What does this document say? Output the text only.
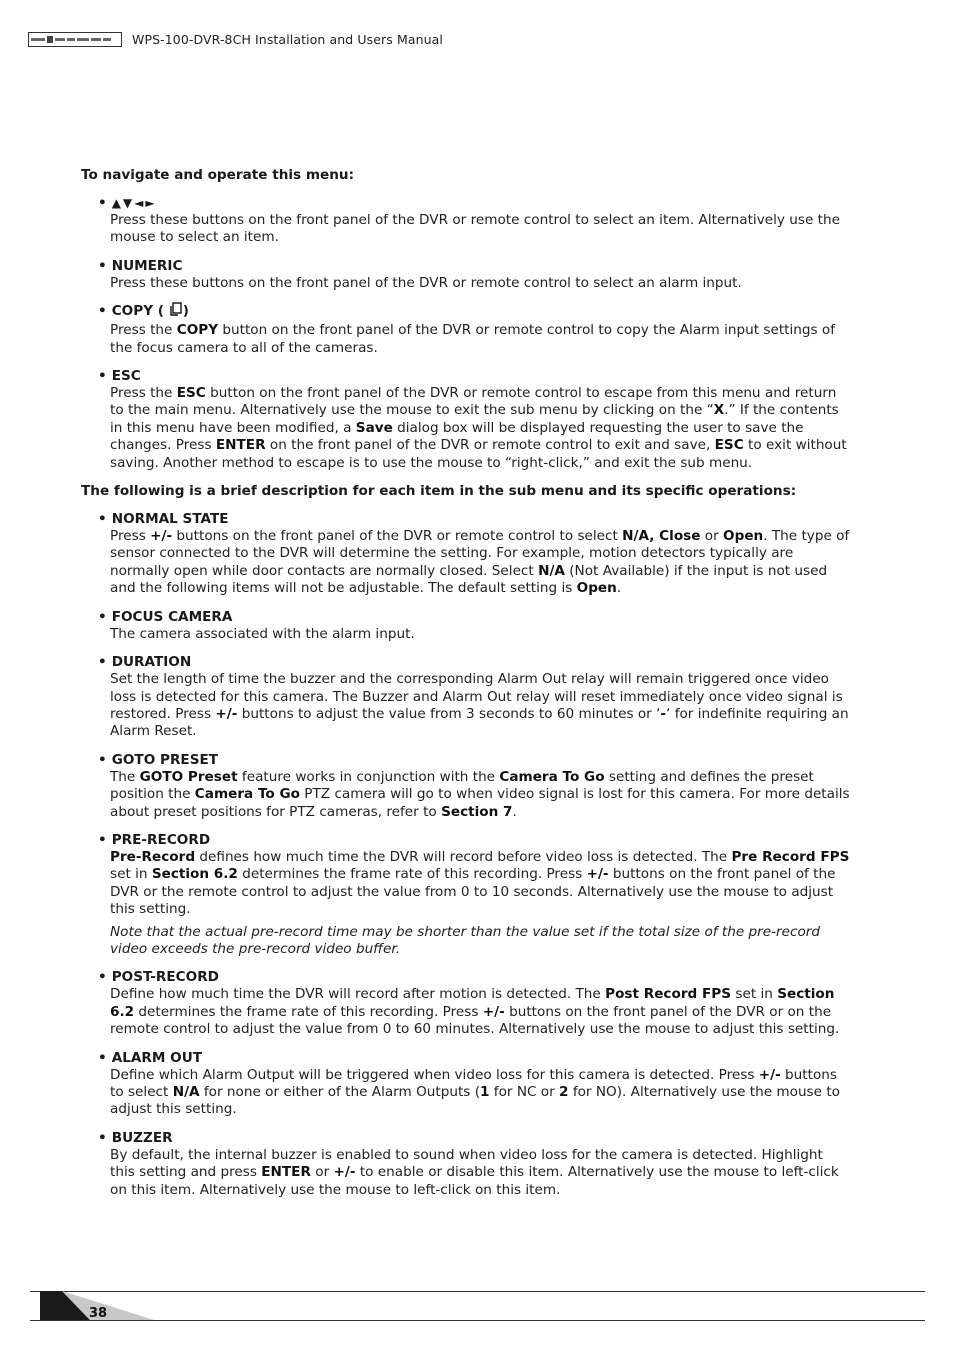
WPS-100-DVR-8CH Installation and Users Manual

To navigate and operate this menu:

• ▲▼◄►
Press these buttons on the front panel of the DVR or remote control to select an item. Alternatively use the mouse to select an item.
• NUMERIC
Press these buttons on the front panel of the DVR or remote control to select an alarm input.
• COPY ( )
Press the COPY button on the front panel of the DVR or remote control to copy the Alarm input settings of the focus camera to all of the cameras.
• ESC
Press the ESC button on the front panel of the DVR or remote control to escape from this menu and return to the main menu. Alternatively use the mouse to exit the sub menu by clicking on the “X.” If the contents in this menu have been modified, a Save dialog box will be displayed requesting the user to save the changes. Press ENTER on the front panel of the DVR or remote control to exit and save, ESC to exit without saving. Another method to escape is to use the mouse to “right-click,” and exit the sub menu.

The following is a brief description for each item in the sub menu and its specific operations:

• NORMAL STATE
Press +/- buttons on the front panel of the DVR or remote control to select N/A, Close or Open. The type of sensor connected to the DVR will determine the setting. For example, motion detectors typically are normally open while door contacts are normally closed. Select N/A (Not Available) if the input is not used and the following items will not be adjustable. The default setting is Open.
• FOCUS CAMERA
The camera associated with the alarm input.
• DURATION
Set the length of time the buzzer and the corresponding Alarm Out relay will remain triggered once video loss is detected for this camera. The Buzzer and Alarm Out relay will reset immediately once video signal is restored. Press +/- buttons to adjust the value from 3 seconds to 60 minutes or ‘-‘ for indefinite requiring an Alarm Reset.
• GOTO PRESET
The GOTO Preset feature works in conjunction with the Camera To Go setting and defines the preset position the Camera To Go PTZ camera will go to when video signal is lost for this camera. For more details about preset positions for PTZ cameras, refer to Section 7.
• PRE-RECORD
Pre-Record defines how much time the DVR will record before video loss is detected. The Pre Record FPS set in Section 6.2 determines the frame rate of this recording. Press +/- buttons on the front panel of the DVR or the remote control to adjust the value from 0 to 10 seconds. Alternatively use the mouse to adjust this setting.
Note that the actual pre-record time may be shorter than the value set if the total size of the pre-record video exceeds the pre-record video buffer.
• POST-RECORD
Define how much time the DVR will record after motion is detected. The Post Record FPS set in Section 6.2 determines the frame rate of this recording. Press +/- buttons on the front panel of the DVR or on the remote control to adjust the value from 0 to 60 minutes. Alternatively use the mouse to adjust this setting.
• ALARM OUT
Define which Alarm Output will be triggered when video loss for this camera is detected. Press +/- buttons to select N/A for none or either of the Alarm Outputs (1 for NC or 2 for NO). Alternatively use the mouse to adjust this setting.
• BUZZER
By default, the internal buzzer is enabled to sound when video loss for the camera is detected. Highlight this setting and press ENTER or +/- to enable or disable this item. Alternatively use the mouse to left-click on this item. Alternatively use the mouse to left-click on this item.
38
